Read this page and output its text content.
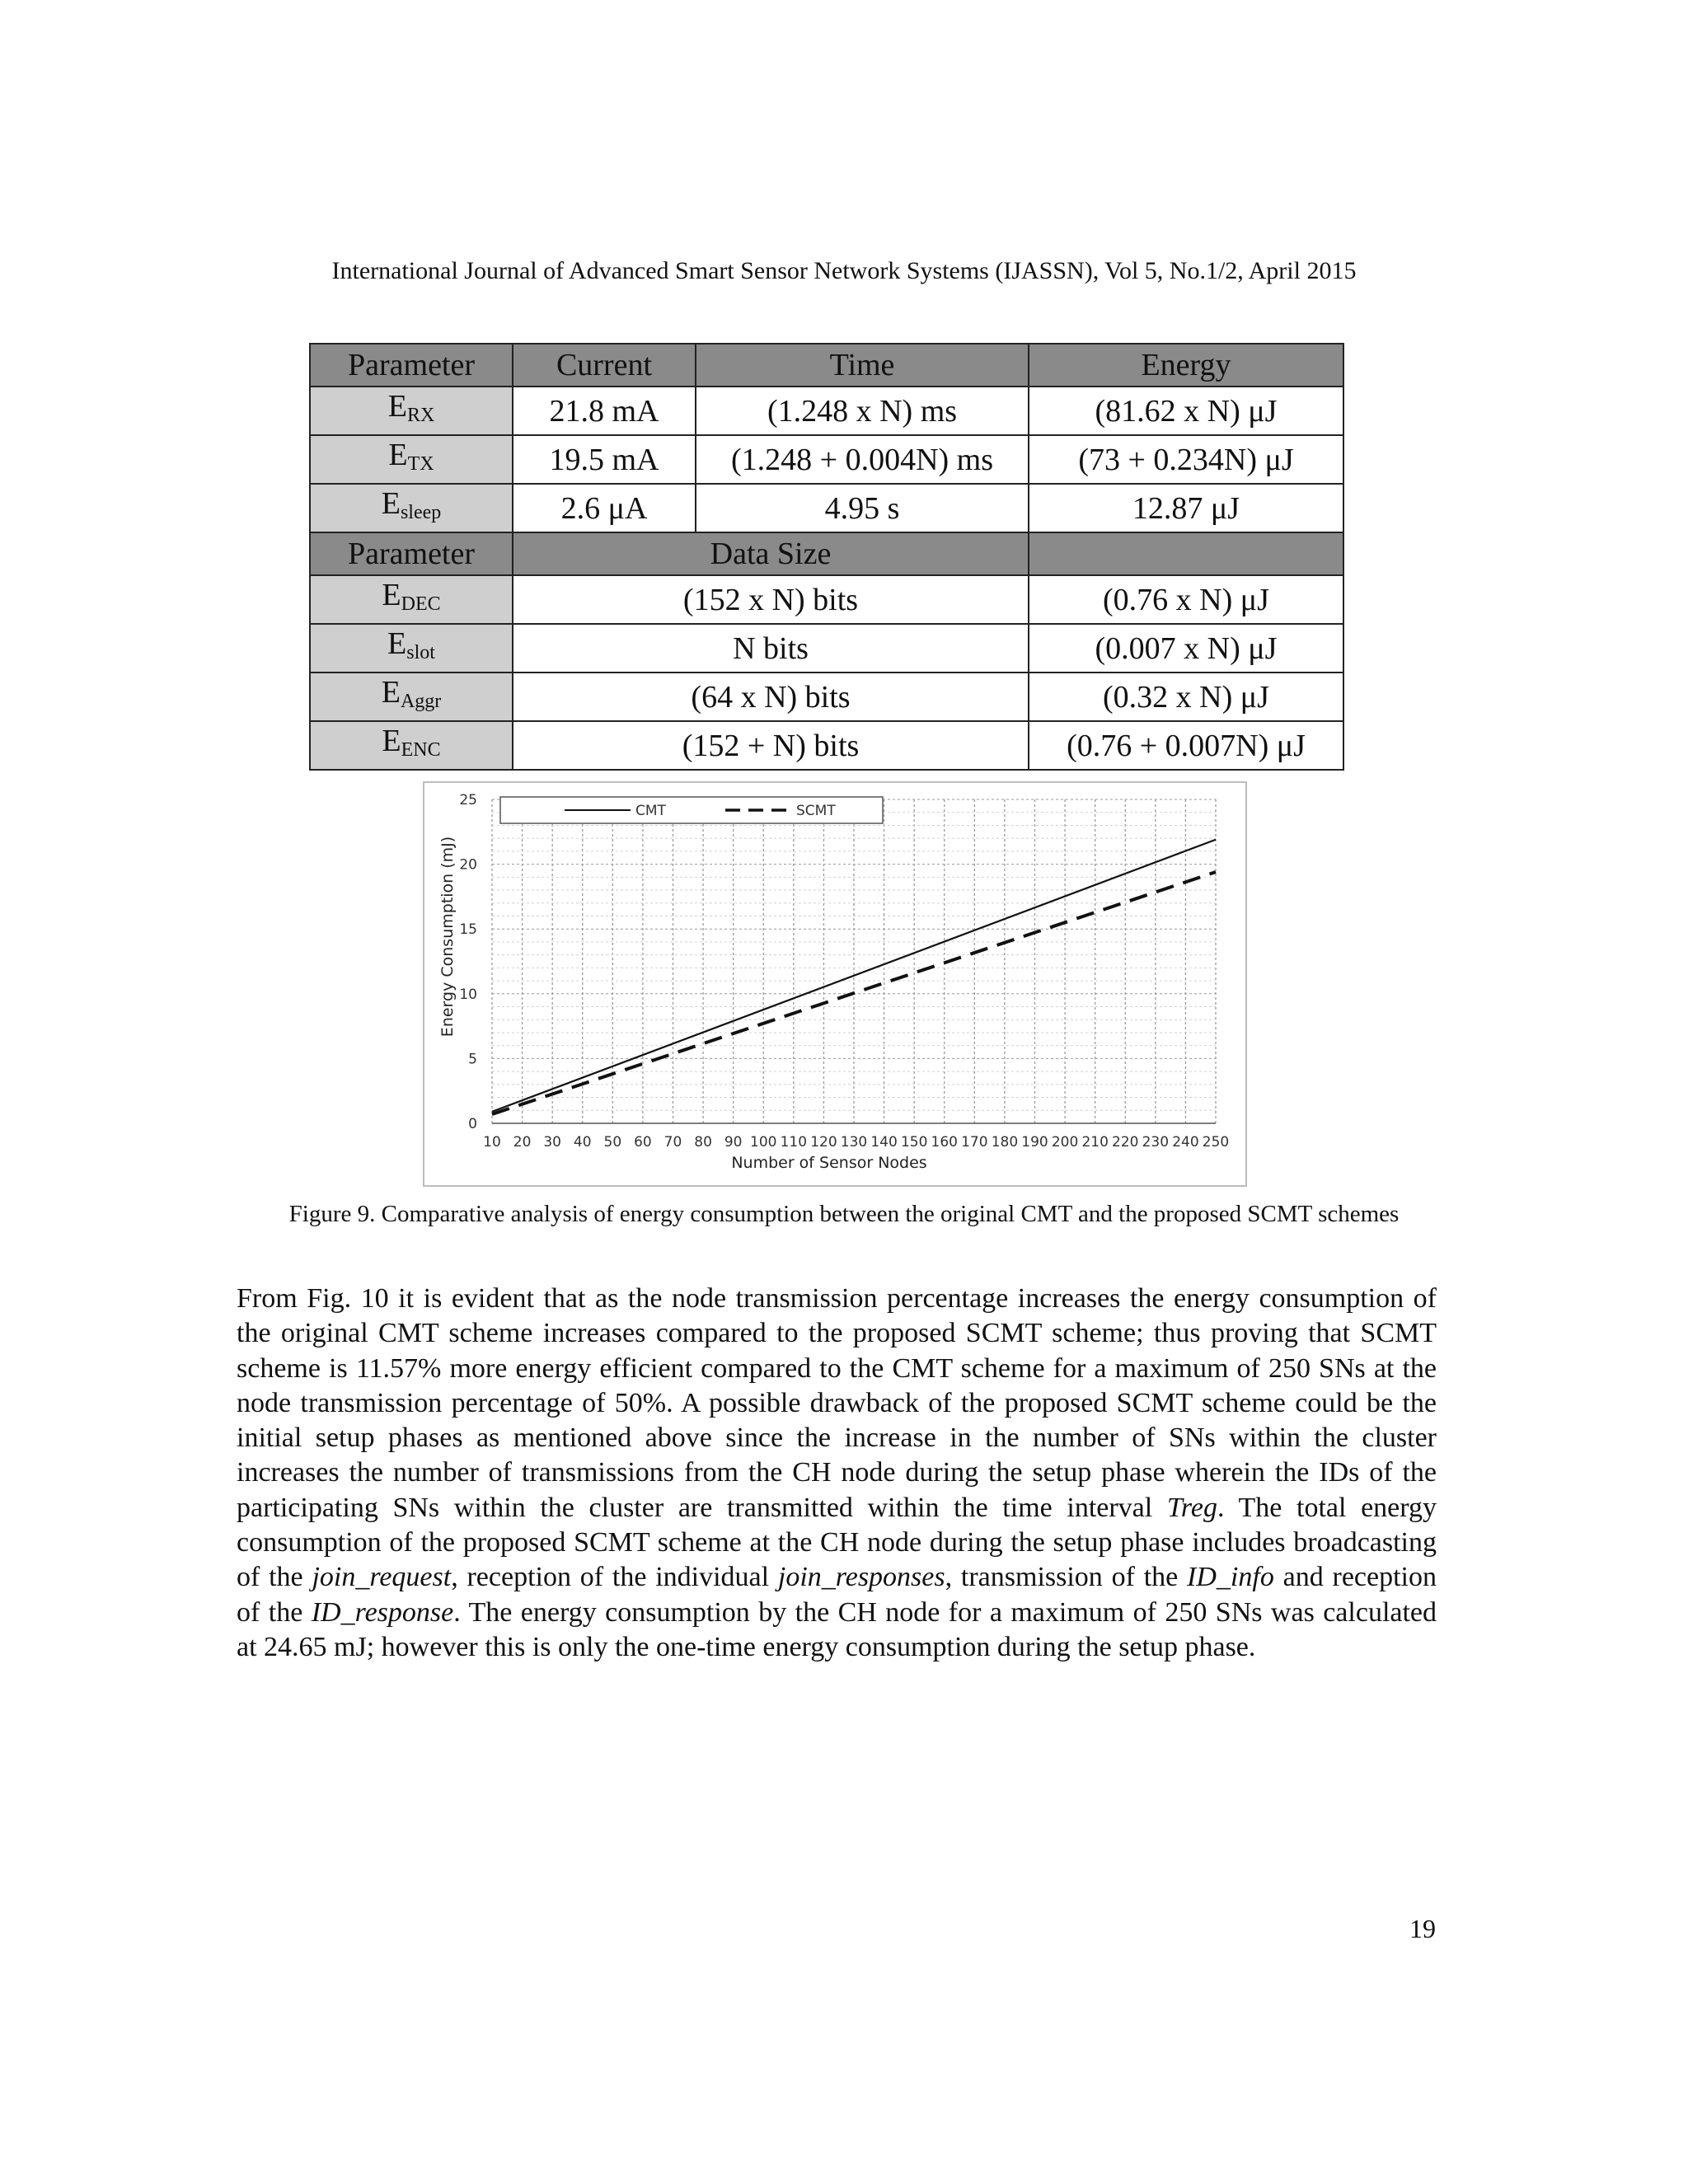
International Journal of Advanced Smart Sensor Network Systems (IJASSN), Vol 5, No.1/2, April 2015
Parameter	Current	Time	Energy
$E_{RX}$	21.8 mA	(1.248 x N) ms	(81.62 x N) μJ
$E_{TX}$	19.5 mA	(1.248 + 0.004N) ms	(73 + 0.234N) μJ
$E_{sleep}$	2.6 μA	4.95 s	12.87 μJ
Parameter	Data Size		
$E_{DEC}$	(152 x N) bits		(0.76 x N) μJ
$E_{slot}$	N bits		(0.007 x N) μJ
$E_{Aggr}$	(64 x N) bits		(0.32 x N) μJ
$E_{ENC}$	(152 + N) bits		(0.76 + 0.007N) μJ
10 20 30 40 50 60 70 80 90 100 110 120 130 140 150 160 170 180 190 200 210 220 230 240 250
0
5
10
15
20
25
Number of Sensor Nodes
Energy Consumption (mJ)
CMT	SCMT
Figure 9. Comparative analysis of energy consumption between the original CMT and the proposed SCMT schemes
From Fig. 10 it is evident that as the node transmission percentage increases the energy consumption of the original CMT scheme increases compared to the proposed SCMT scheme; thus proving that SCMT scheme is 11.57% more energy efficient compared to the CMT scheme for a maximum of 250 SNs at the node transmission percentage of 50%. A possible drawback of the proposed SCMT scheme could be the initial setup phases as mentioned above since the increase in the number of SNs within the cluster increases the number of transmissions from the CH node during the setup phase wherein the IDs of the participating SNs within the cluster are transmitted within the time interval Treg. The total energy consumption of the proposed SCMT scheme at the CH node during the setup phase includes broadcasting of the join_request, reception of the individual join_responses, transmission of the ID_info and reception of the ID_response. The energy consumption by the CH node for a maximum of 250 SNs was calculated at 24.65 mJ; however this is only the one-time energy consumption during the setup phase.
19
